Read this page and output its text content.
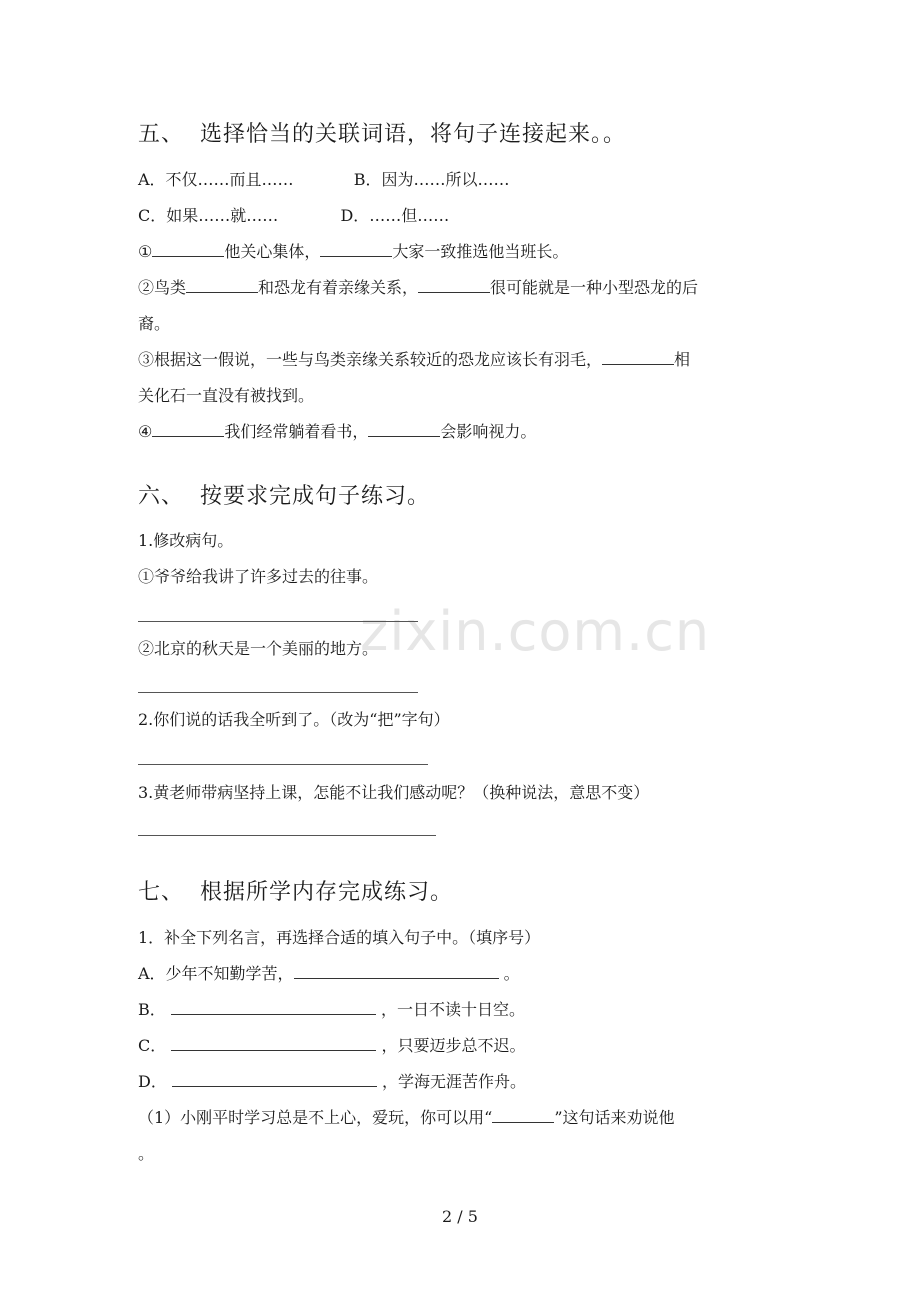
zixin.com.cn
五、 选择恰当的关联词语，将句子连接起来。。
A．不仅……而且……	B．因为……所以……
C．如果……就……	D．……但……
①	他关心集体，	大家一致推选他当班长。
②鸟类	和恐龙有着亲缘关系，	很可能就是一种小型恐龙的后
裔。
③根据这一假说，一些与鸟类亲缘关系较近的恐龙应该长有羽毛，	相
关化石一直没有被找到。
④	我们经常躺着看书，	会影响视力。
六、 按要求完成句子练习。
1.修改病句。
①爷爷给我讲了许多过去的往事。
②北京的秋天是一个美丽的地方。
2.你们说的话我全听到了。（改为“把”字句）
3.黄老师带病坚持上课，怎能不让我们感动呢？（换种说法，意思不变）
七、 根据所学内存完成练习。
1．补全下列名言，再选择合适的填入句子中。（填序号）
A．少年不知勤学苦，	。
B．	，一日不读十日空。
C．	，只要迈步总不迟。
D．	，学海无涯苦作舟。
（1）小刚平时学习总是不上心，爱玩，你可以用“	”这句话来劝说他
。
2 / 5
